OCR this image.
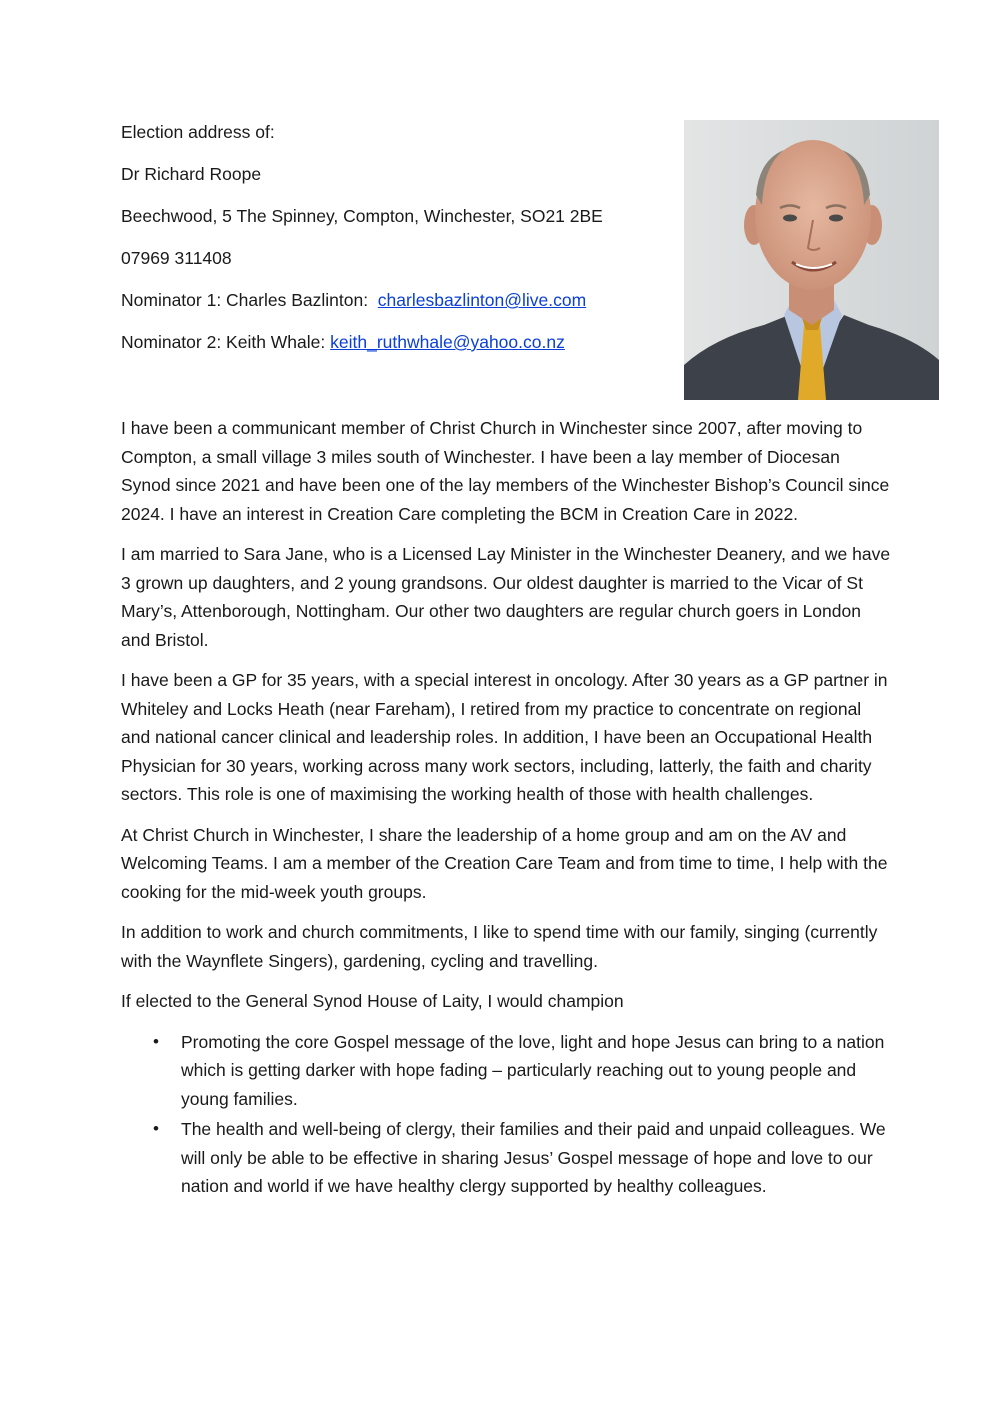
Election address of:
Dr Richard Roope
Beechwood, 5 The Spinney, Compton, Winchester, SO21 2BE
07969 311408
Nominator 1: Charles Bazlinton:  charlesbazlinton@live.com
Nominator 2: Keith Whale: keith_ruthwhale@yahoo.co.nz

I have been a communicant member of Christ Church in Winchester since 2007, after moving to Compton, a small village 3 miles south of Winchester. I have been a lay member of Diocesan Synod since 2021 and have been one of the lay members of the Winchester Bishop’s Council since 2024. I have an interest in Creation Care completing the BCM in Creation Care in 2022.

I am married to Sara Jane, who is a Licensed Lay Minister in the Winchester Deanery, and we have 3 grown up daughters, and 2 young grandsons. Our oldest daughter is married to the Vicar of St Mary’s, Attenborough, Nottingham. Our other two daughters are regular church goers in London and Bristol.

I have been a GP for 35 years, with a special interest in oncology. After 30 years as a GP partner in Whiteley and Locks Heath (near Fareham), I retired from my practice to concentrate on regional and national cancer clinical and leadership roles. In addition, I have been an Occupational Health Physician for 30 years, working across many work sectors, including, latterly, the faith and charity sectors. This role is one of maximising the working health of those with health challenges.

At Christ Church in Winchester, I share the leadership of a home group and am on the AV and Welcoming Teams. I am a member of the Creation Care Team and from time to time, I help with the cooking for the mid-week youth groups.

In addition to work and church commitments, I like to spend time with our family, singing (currently with the Waynflete Singers), gardening, cycling and travelling.

If elected to the General Synod House of Laity, I would champion

• Promoting the core Gospel message of the love, light and hope Jesus can bring to a nation which is getting darker with hope fading – particularly reaching out to young people and young families.
• The health and well-being of clergy, their families and their paid and unpaid colleagues. We will only be able to be effective in sharing Jesus’ Gospel message of hope and love to our nation and world if we have healthy clergy supported by healthy colleagues.
